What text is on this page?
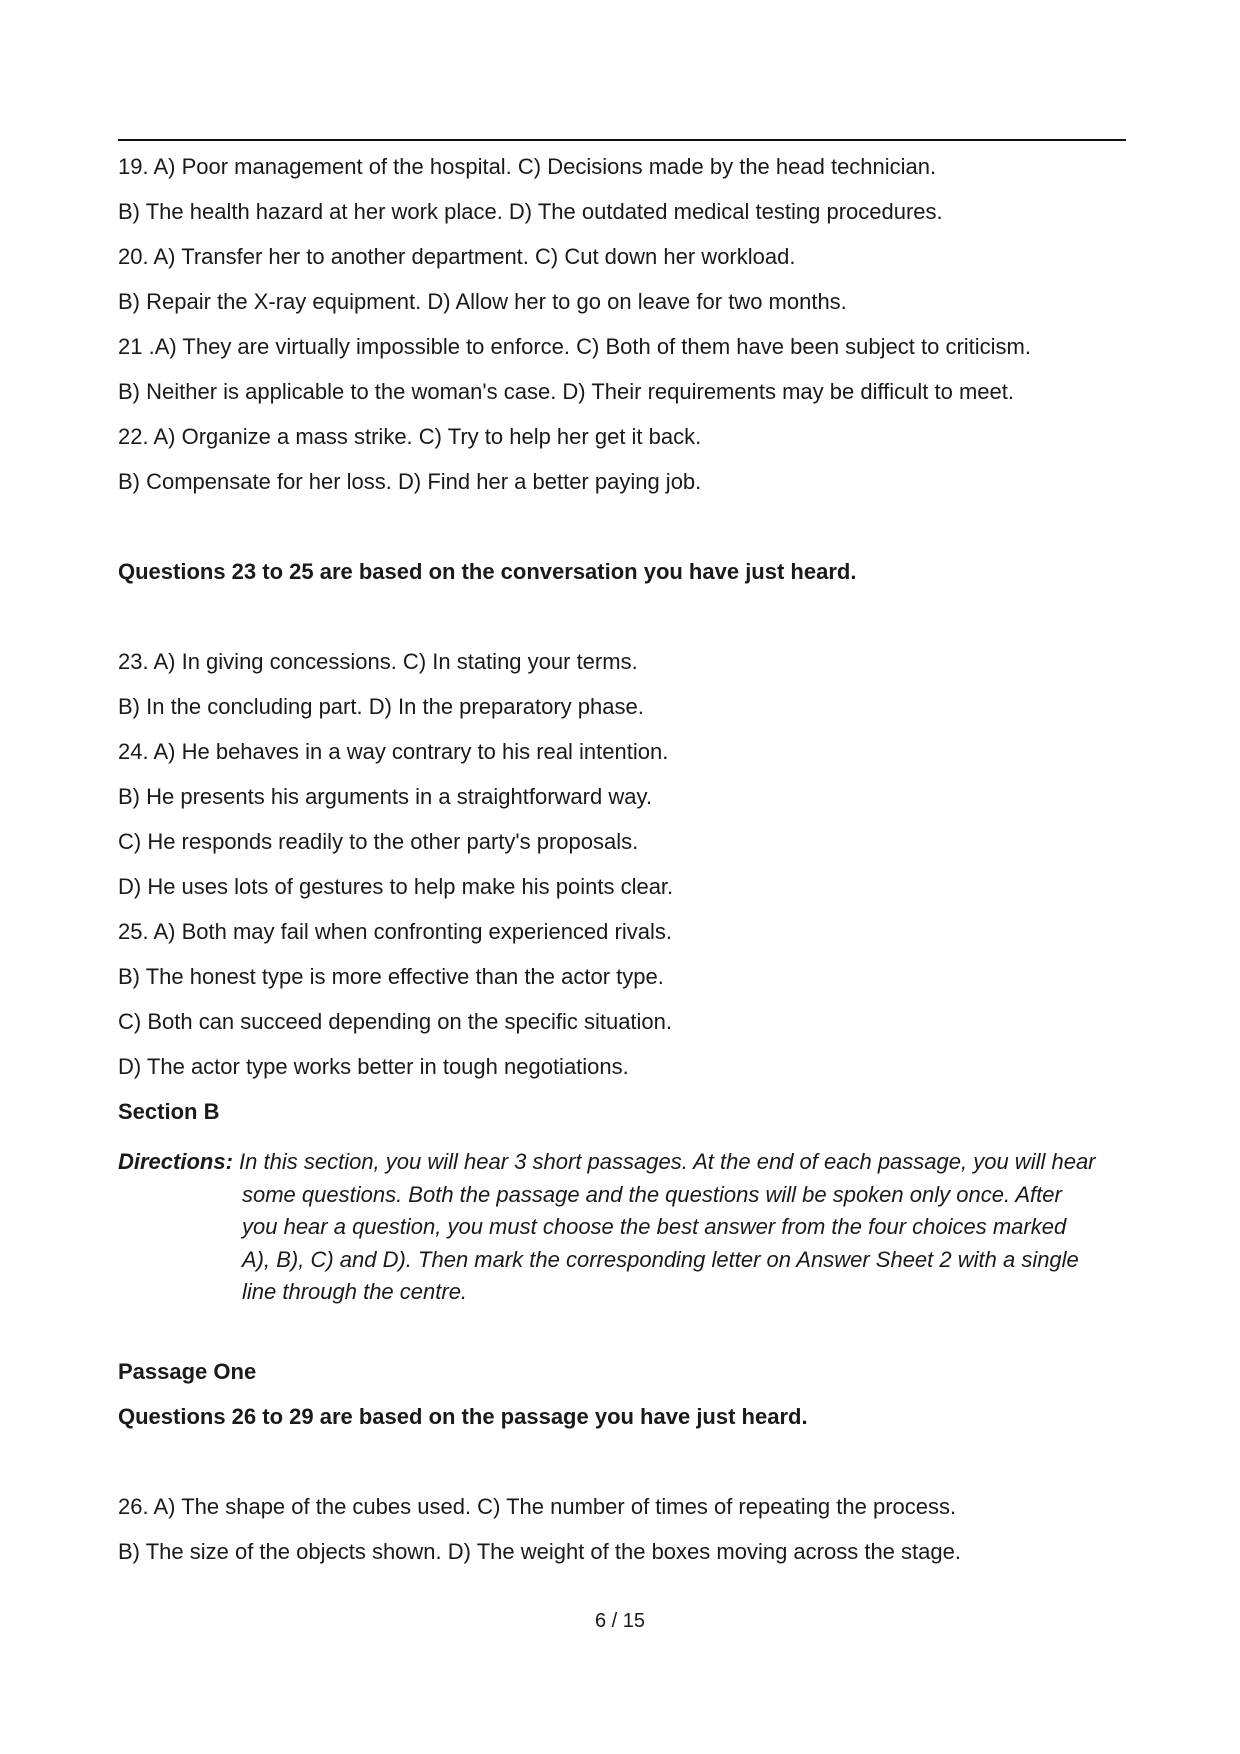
19. A) Poor management of the hospital. C) Decisions made by the head technician.
B) The health hazard at her work place. D) The outdated medical testing procedures.
20. A) Transfer her to another department. C) Cut down her workload.
B) Repair the X-ray equipment. D) Allow her to go on leave for two months.
21 .A) They are virtually impossible to enforce. C) Both of them have been subject to criticism.
B) Neither is applicable to the woman's case. D) Their requirements may be difficult to meet.
22. A) Organize a mass strike. C) Try to help her get it back.
B) Compensate for her loss. D) Find her a better paying job.
Questions 23 to 25 are based on the conversation you have just heard.
23. A) In giving concessions. C) In stating your terms.
B) In the concluding part. D) In the preparatory phase.
24. A) He behaves in a way contrary to his real intention.
B) He presents his arguments in a straightforward way.
C) He responds readily to the other party's proposals.
D) He uses lots of gestures to help make his points clear.
25. A) Both may fail when confronting experienced rivals.
B) The honest type is more effective than the actor type.
C) Both can succeed depending on the specific situation.
D) The actor type works better in tough negotiations.
Section B
Directions: In this section, you will hear 3 short passages. At the end of each passage, you will hear
some questions. Both the passage and the questions will be spoken only once. After
you hear a question, you must choose the best answer from the four choices marked
A), B), C) and D). Then mark the corresponding letter on Answer Sheet 2 with a single
line through the centre.
Passage One
Questions 26 to 29 are based on the passage you have just heard.
26. A) The shape of the cubes used. C) The number of times of repeating the process.
B) The size of the objects shown. D) The weight of the boxes moving across the stage.
6 / 15
